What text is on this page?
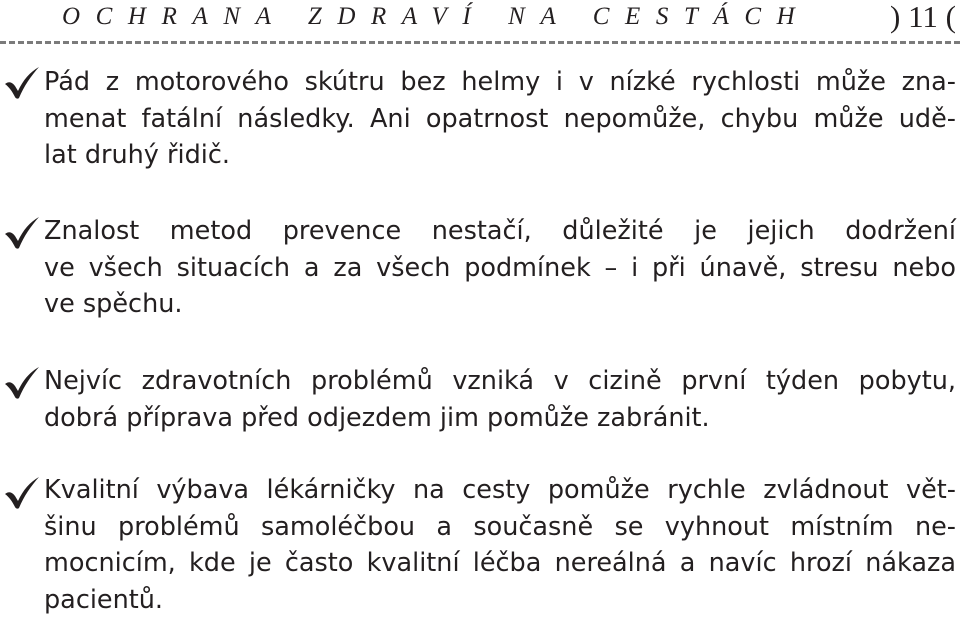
OCHRANA ZDRAVÍ NA CESTÁCH	) 11 (

Pád z motorového skútru bez helmy i v nízké rychlosti může zna-
menat fatální následky. Ani opatrnost nepomůže, chybu může udě-
lat druhý řidič.

Znalost metod prevence nestačí, důležité je jejich dodržení
ve všech situacích a za všech podmínek – i při únavě, stresu nebo
ve spěchu.

Nejvíc zdravotních problémů vzniká v cizině první týden pobytu,
dobrá příprava před odjezdem jim pomůže zabránit.

Kvalitní výbava lékárničky na cesty pomůže rychle zvládnout vět-
šinu problémů samoléčbou a současně se vyhnout místním ne-
mocnicím, kde je často kvalitní léčba nereálná a navíc hrozí nákaza
pacientů.
